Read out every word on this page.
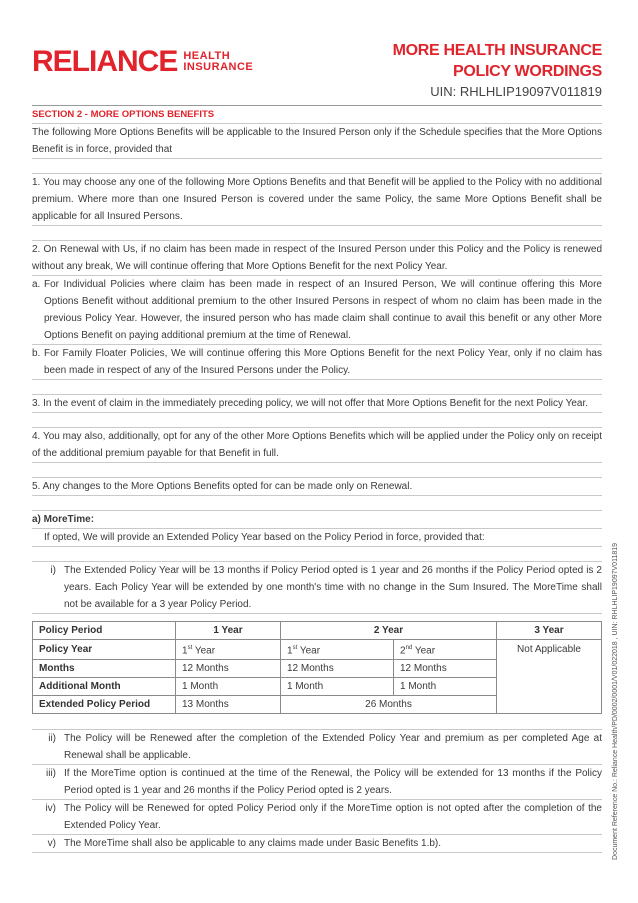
RELIANCE HEALTH
INSURANCE
MORE HEALTH INSURANCE
POLICY WORDINGS
UIN: RHLHLIP19097V011819
SECTION 2 - MORE OPTIONS BENEFITS
The following More Options Benefits will be applicable to the Insured Person only if the Schedule specifies that the More Options Benefit is in force, provided that
1. You may choose any one of the following More Options Benefits and that Benefit will be applied to the Policy with no additional premium. Where more than one Insured Person is covered under the same Policy, the same More Options Benefit shall be applicable for all Insured Persons.
2. On Renewal with Us, if no claim has been made in respect of the Insured Person under this Policy and the Policy is renewed without any break, We will continue offering that More Options Benefit for the next Policy Year.
a. For Individual Policies where claim has been made in respect of an Insured Person, We will continue offering this More Options Benefit without additional premium to the other Insured Persons in respect of whom no claim has been made in the previous Policy Year. However, the insured person who has made claim shall continue to avail this benefit or any other More Options Benefit on paying additional premium at the time of Renewal.
b. For Family Floater Policies, We will continue offering this More Options Benefit for the next Policy Year, only if no claim has been made in respect of any of the Insured Persons under the Policy.
3. In the event of claim in the immediately preceding policy, we will not offer that More Options Benefit for the next Policy Year.
4. You may also, additionally, opt for any of the other More Options Benefits which will be applied under the Policy only on receipt of the additional premium payable for that Benefit in full.
5. Any changes to the More Options Benefits opted for can be made only on Renewal.
a) MoreTime:
If opted, We will provide an Extended Policy Year based on the Policy Period in force, provided that:
i) The Extended Policy Year will be 13 months if Policy Period opted is 1 year and 26 months if the Policy Period opted is 2 years. Each Policy Year will be extended by one month's time with no change in the Sum Insured. The MoreTime shall not be available for a 3 year Policy Period.
Policy Period	1 Year	2 Year		3 Year
Policy Year	1st Year	1st Year	2nd Year	Not Applicable
Months	12 Months	12 Months	12 Months	
Additional Month	1 Month	1 Month	1 Month	
Extended Policy Period	13 Months	26 Months		
ii) The Policy will be Renewed after the completion of the Extended Policy Year and premium as per completed Age at Renewal shall be applicable.
iii) If the MoreTime option is continued at the time of the Renewal, the Policy will be extended for 13 months if the Policy Period opted is 1 year and 26 months if the Policy Period opted is 2 years.
iv) The Policy will be Renewed for opted Policy Period only if the MoreTime option is not opted after the completion of the Extended Policy Year.
v) The MoreTime shall also be applicable to any claims made under Basic Benefits 1.b).	Document Reference No.: Reliance Health/PD/0002/0001/V01/022018 , UIN: RHLHLIP19097V011819
